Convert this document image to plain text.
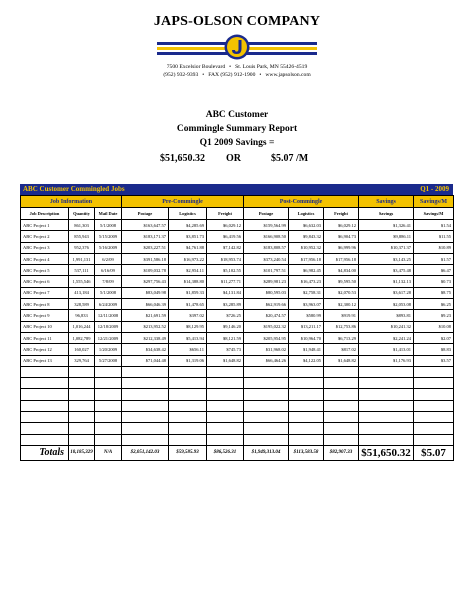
JAPS-OLSON COMPANY
7500 Excelsior Boulevard • St. Louis Park, MN 55426-4519
(952) 932-9393 • FAX (952) 912-1900 • www.japsolson.com
ABC Customer
Commingle Summary Report
Q1 2009 Savings =
$51,650.32 OR	$5.07 /M
ABC Customer Commingled Jobs	Q1 - 2009
Job Information			Pre-Commingle			Post-Commingle			Savings	Savings/M
Job Description	Quantity	Mail Date	Postage	Logistics	Freight	Postage	Logistics	Freight	Savings	Savings/M
ABC Project 1	861,303	5/1/2008	$163,647.57	$4,285.69	$6,029.12	$159,564.99	$6,632.03	$6,029.12	$1,326.41	$1.54
ABC Project 2	855,943	5/15/2009	$183,171.37	$3,851.73	$6,419.56	$166,908.50	$9,843.32	$6,904.73	$9,886.11	$11.55
ABC Project 3	952,376	5/16/2009	$203,227.51	$4,761.88	$7,142.82	$183,808.57	$10,952.32	$6,999.96	$10,371.37	$10.89
ABC Project 4	1,991,131	6/2/09	$391,586.18	$16,973.22	$18,953.74	$373,240.54	$17,956.18	$17,956.18	$3,143.25	$1.57
ABC Project 5	537,111	6/16/09	$109,032.78	$2,954.11	$5,102.55	$101,797.51	$6,982.45	$4,834.00	$3,475.48	$6.47
ABC Project 6	1,555,546	7/8/09	$297,756.43	$14,388.80	$11,277.71	$289,981.23	$16,473.23	$9,595.50	$1,132.13	$0.73
ABC Project 7	413,184	5/1/2008	$83,049.98	$1,859.33	$4,131.84	$80,595.03	$2,758.31	$2,070.53	$3,617.28	$8.75
ABC Project 8	328,589	6/24/2009	$66,046.39	$1,478.65	$3,285.89	$62,919.66	$3,963.07	$2,300.12	$2,053.08	$6.25
ABC Project 9	96,833	12/11/2008	$21,691.59	$397.02	$726.25	$20,474.57	$580.99	$919.91	$893.81	$9.23
ABC Project 10	1,016,244	12/18/2009	$213,952.52	$8,129.95	$9,146.20	$195,022.32	$13,211.17	$12,753.86	$10,241.32	$10.08
ABC Project 11	1,082,789	12/21/2009	$212,338.49	$5,413.94	$8,121.59	$205,954.95	$10,964.70	$6,713.29	$2,241.24	$2.07
ABC Project 12	160,027	1/20/2009	$34,638.42	$656.11	$745.73	$31,968.02	$1,948.41	$817.02	$1,413.01	$8.83
ABC Project 13	329,764	5/27/2008	$71,044.48	$1,319.06	$1,648.82	$66,464.26	$4,122.05	$1,648.82	$1,176.93	$3.57

Totals	10,185,329	N/A	$2,051,142.03	$59,585.93	$86,526.31	$1,949,313.04	$113,583.58	$82,907.33	$51,650.32	$5.07
